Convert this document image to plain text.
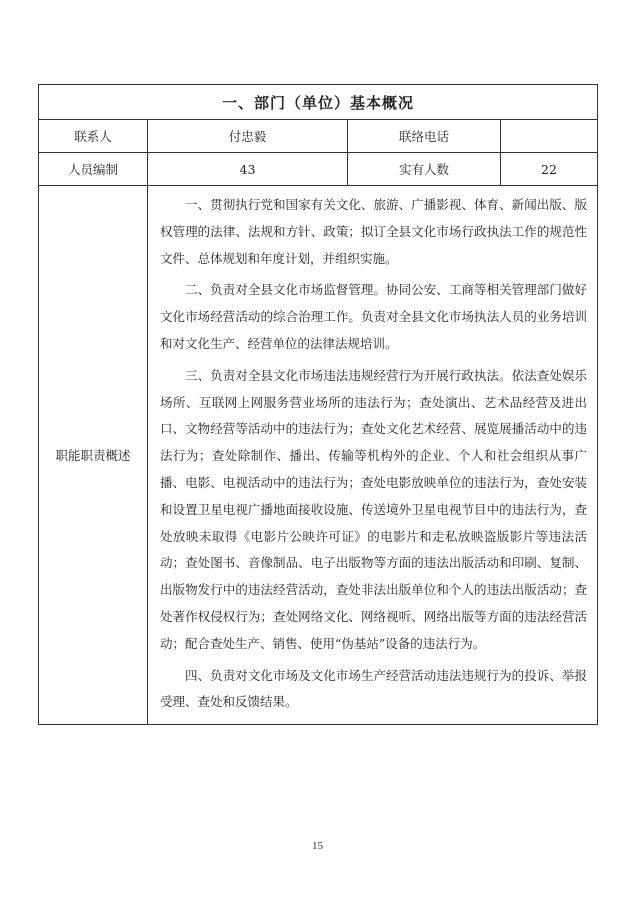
一、部门（单位）基本概况			
联系人	付忠毅	联络电话	
人员编制	43	实有人数	22
职能职责概述	一、贯彻执行党和国家有关文化、旅游、广播影视、体育、新闻出版、版权管理的法律、法规和方针、政策；拟订全县文化市场行政执法工作的规范性文件、总体规划和年度计划，并组织实施。

二、负责对全县文化市场监督管理。协同公安、工商等相关管理部门做好文化市场经营活动的综合治理工作。负责对全县文化市场执法人员的业务培训和对文化生产、经营单位的法律法规培训。

三、负责对全县文化市场违法违规经营行为开展行政执法。依法查处娱乐场所、互联网上网服务营业场所的违法行为；查处演出、艺术品经营及进出口、文物经营等活动中的违法行为；查处文化艺术经营、展览展播活动中的违法行为；查处除制作、播出、传输等机构外的企业、个人和社会组织从事广播、电影、电视活动中的违法行为；查处电影放映单位的违法行为，查处安装和设置卫星电视广播地面接收设施、传送境外卫星电视节目中的违法行为，查处放映未取得《电影片公映许可证》的电影片和走私放映盗版影片等违法活动；查处图书、音像制品、电子出版物等方面的违法出版活动和印刷、复制、出版物发行中的违法经营活动，查处非法出版单位和个人的违法出版活动；查处著作权侵权行为；查处网络文化、网络视听、网络出版等方面的违法经营活动；配合查处生产、销售、使用“伪基站”设备的违法行为。

四、负责对文化市场及文化市场生产经营活动违法违规行为的投诉、举报受理、查处和反馈结果。		

15
